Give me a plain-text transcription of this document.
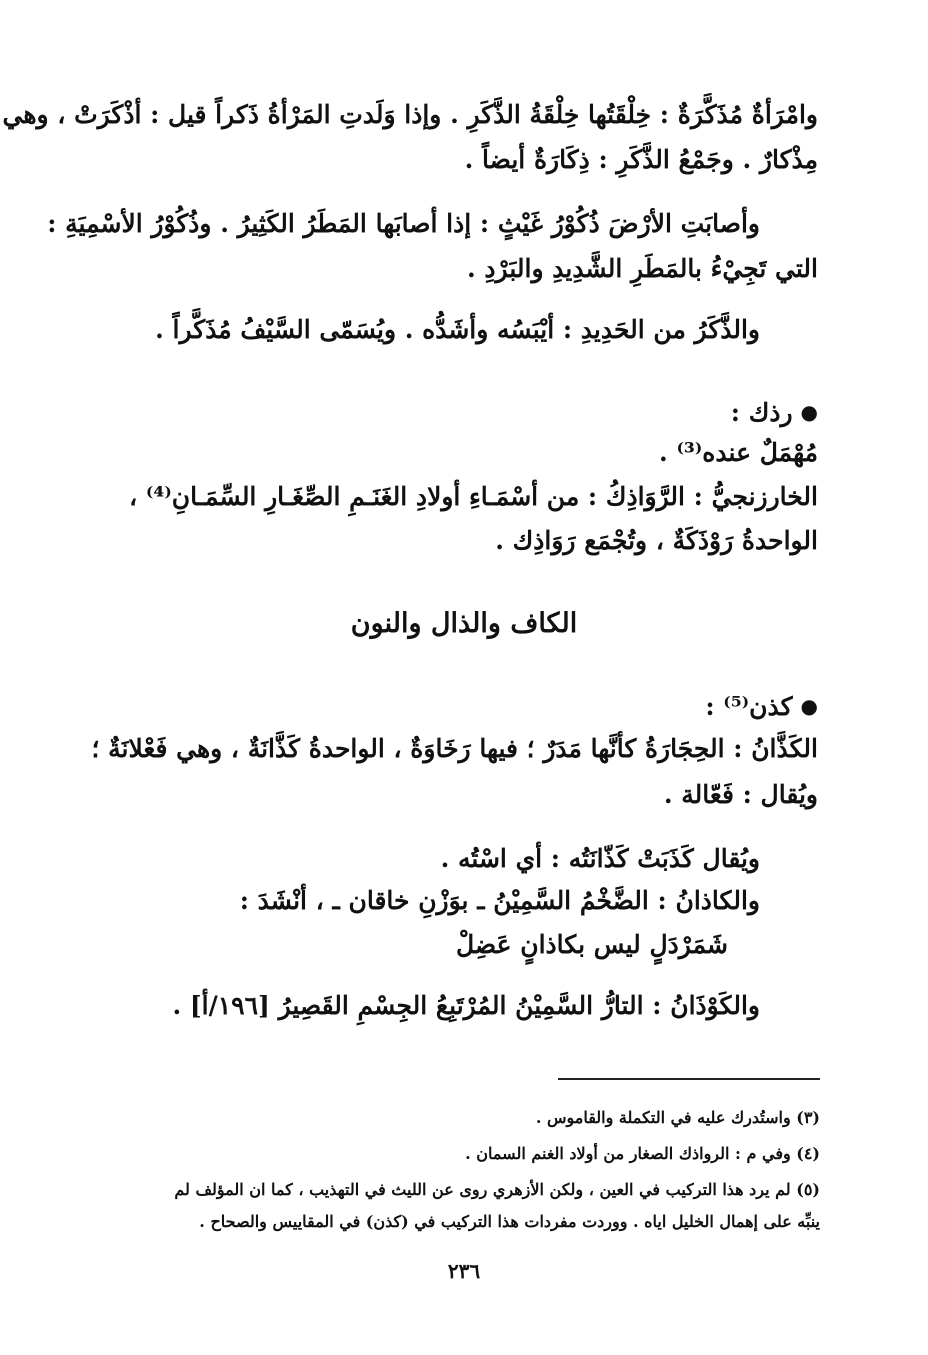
وامْرَأةٌ مُذَكَّرَةٌ : خِلْقَتُها خِلْقَةُ الذَّكَرِ . وإذا وَلَدتِ المَرْأةُ ذَكراً قيل : أذْكَرَتْ ، وهي
مِذْكارٌ . وجَمْعُ الذَّكَرِ : ذِكَارَةٌ أيضاً .
وأصابَتِ الأرْضَ ذُكُوْرُ غَيْثٍ : إذا أصابَها المَطَرُ الكَثِيرُ . وذُكُوْرُ الأسْمِيَةِ :
التي تَجِيْءُ بالمَطَرِ الشَّدِيدِ والبَرْدِ .
والذَّكَرُ من الحَدِيدِ : أيْبَسُه وأشَدُّه . ويُسَمّى السَّيْفُ مُذَكَّراً .
● رذك :
مُهْمَلٌ عنده⁽³⁾ .
الخارزنجيُّ : الرَّوَاذِكُ : من أسْمَـاءِ أولادِ الغَنَـمِ الصِّغَـارِ السِّمَـانِ⁽⁴⁾ ،
الواحدةُ رَوْذَكَةٌ ، وتُجْمَع رَوَاذِك .
الكاف والذال والنون
● كذن⁽⁵⁾ :
الكَذَّانُ : الحِجَارَةُ كأنَّها مَدَرٌ ؛ فيها رَخَاوَةٌ ، الواحدةُ كَذَّانَةٌ ، وهي فَعْلانَةٌ ؛
ويُقال : فَعّالة .
ويُقال كَذَبَتْ كَذّانَتُه : أي اسْتُه .
والكاذانُ : الضَّخْمُ السَّمِيْنُ ـ بوَزْنِ خاقان ـ ، أنْشَدَ :
شَمَرْدَلٍ ليس بكاذانٍ عَضِلْ
والكَوْذَانُ : التارُّ السَّمِيْنُ المُرْتَبِعُ الجِسْمِ القَصِيرُ [١٩٦/أ] .
(٣) واستُدرك عليه في التكملة والقاموس .
(٤) وفي م : الرواذك الصغار من أولاد الغنم السمان .
(٥) لم يرد هذا التركيب في العين ، ولكن الأزهري روى عن الليث في التهذيب ، كما ان المؤلف لم
ينبِّه على إهمال الخليل اياه . ووردت مفردات هذا التركيب في (كذن) في المقاييس والصحاح .
٢٣٦
